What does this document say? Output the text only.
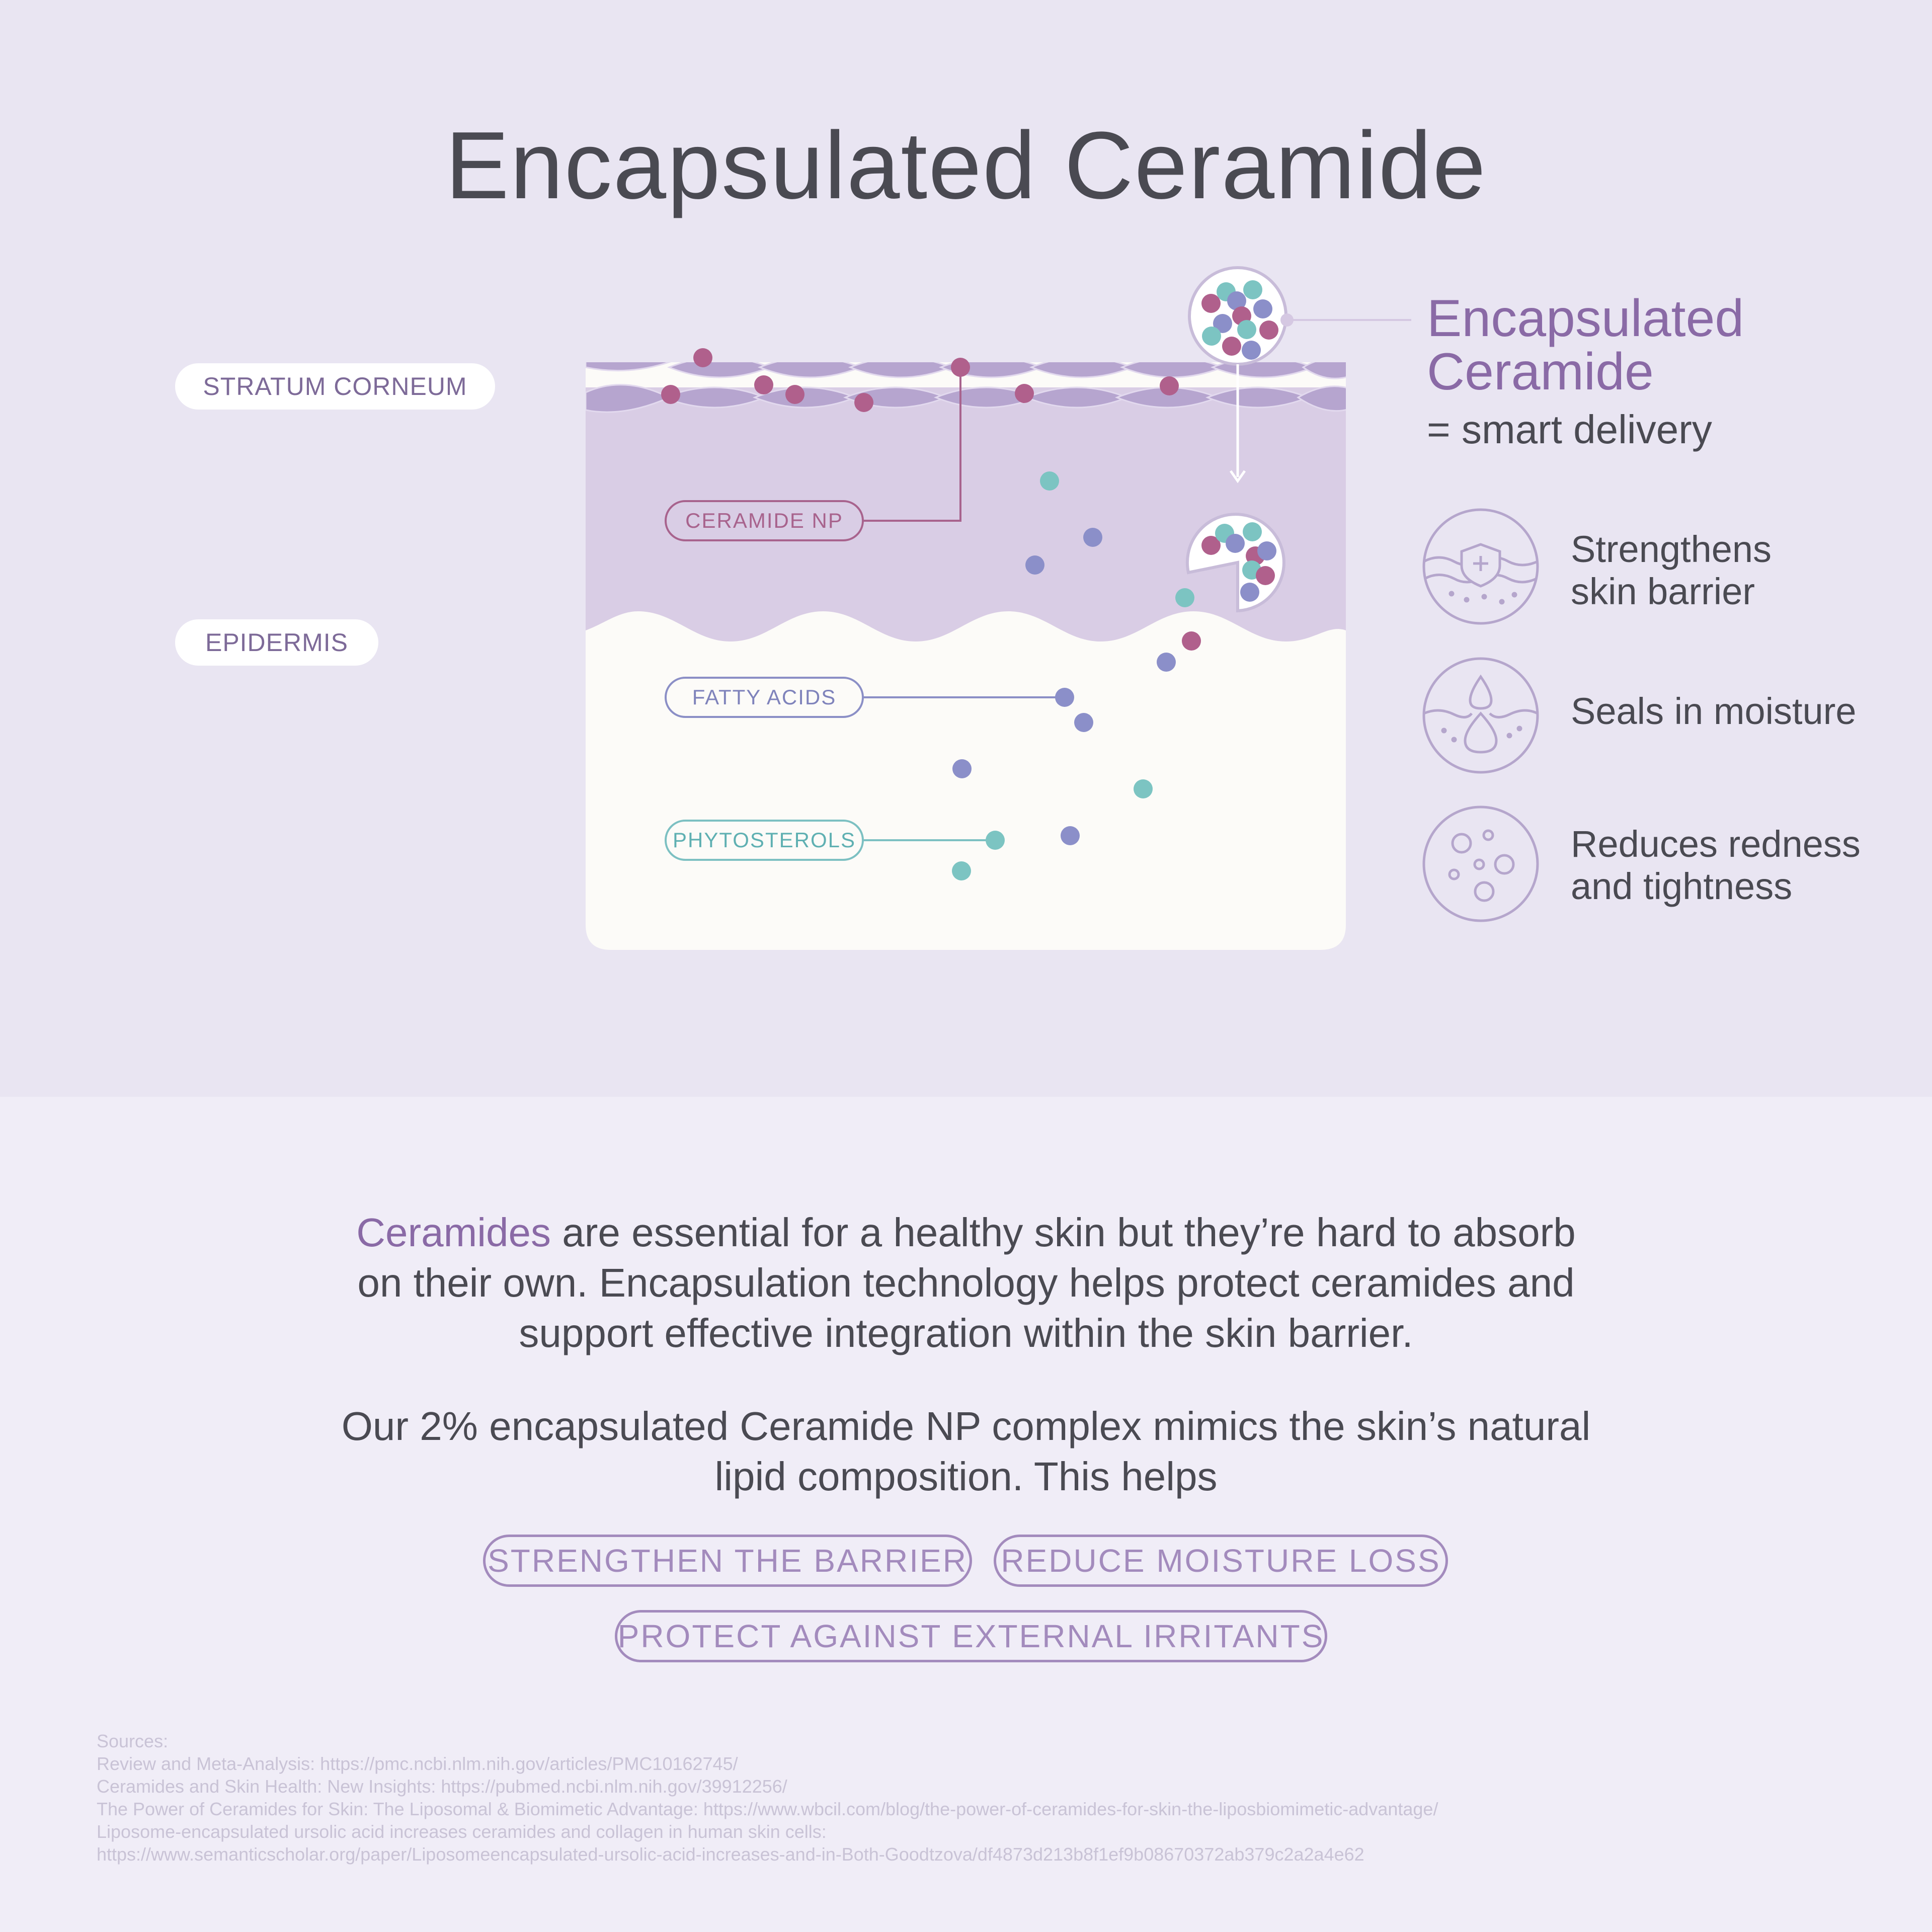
Encapsulated Ceramide
STRATUM CORNEUM
EPIDERMIS
CERAMIDE NP
FATTY ACIDS
PHYTOSTEROLS
Encapsulated
Ceramide
= smart delivery
Strengthens
skin barrier
Seals in moisture
Reduces redness
and tightness
Ceramides are essential for a healthy skin but they’re hard to absorb
on their own. Encapsulation technology helps protect ceramides and
support effective integration within the skin barrier.
Our 2% encapsulated Ceramide NP complex mimics the skin’s natural
lipid composition. This helps
STRENGTHEN THE BARRIER REDUCE MOISTURE LOSS
PROTECT AGAINST EXTERNAL IRRITANTS
Sources:
Review and Meta-Analysis: https://pmc.ncbi.nlm.nih.gov/articles/PMC10162745/
Ceramides and Skin Health: New Insights: https://pubmed.ncbi.nlm.nih.gov/39912256/
The Power of Ceramides for Skin: The Liposomal & Biomimetic Advantage: https://www.wbcil.com/blog/the-power-of-ceramides-for-skin-the-liposbiomimetic-advantage/
Liposome-encapsulated ursolic acid increases ceramides and collagen in human skin cells:
https://www.semanticscholar.org/paper/Liposomeencapsulated-ursolic-acid-increases-and-in-Both-Goodtzova/df4873d213b8f1ef9b08670372ab379c2a2a4e62
